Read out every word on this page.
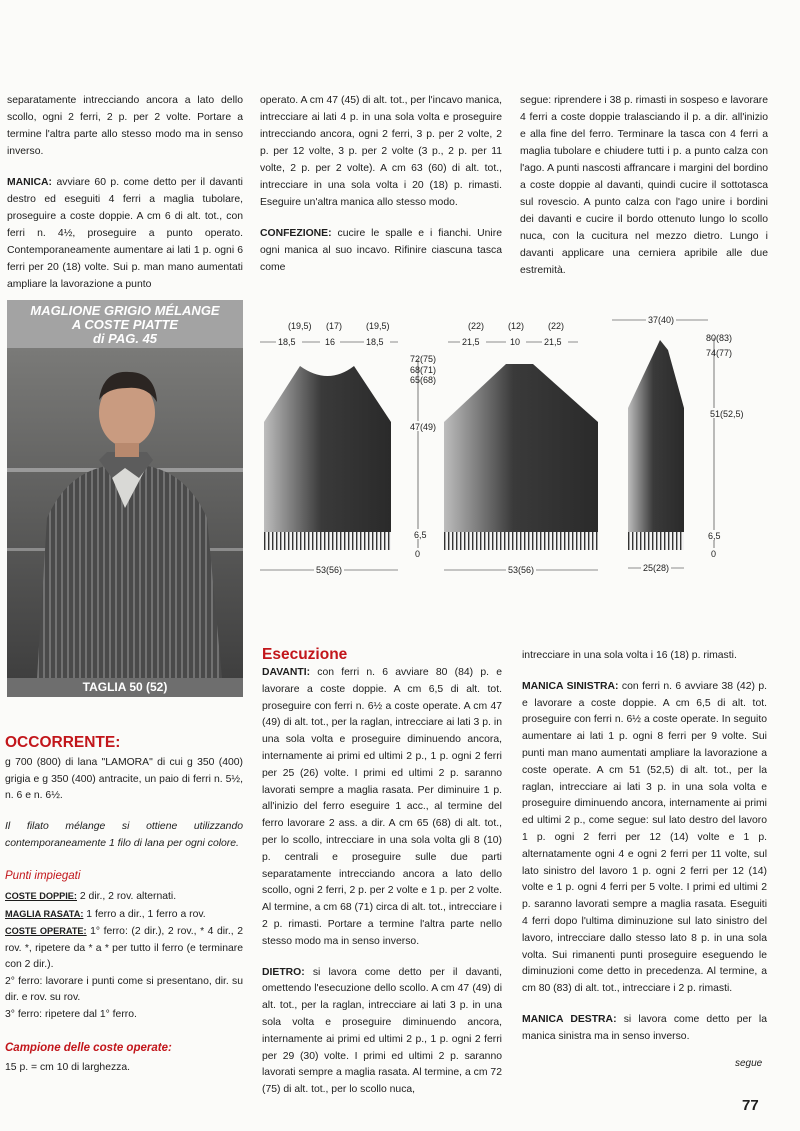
separatamente intrecciando ancora a lato dello scollo, ogni 2 ferri, 2 p. per 2 volte. Portare a termine l'altra parte allo stesso modo ma in senso inverso.

MANICA: avviare 60 p. come detto per il davanti destro ed eseguiti 4 ferri a maglia tubolare, proseguire a coste doppie. A cm 6 di alt. tot., con ferri n. 4½, proseguire a punto operato. Contemporaneamente aumentare ai lati 1 p. ogni 6 ferri per 20 (18) volte. Sui p. man mano aumentati ampliare la lavorazione a punto

operato. A cm 47 (45) di alt. tot., per l'incavo manica, intrecciare ai lati 4 p. in una sola volta e proseguire intrecciando ancora, ogni 2 ferri, 3 p. per 2 volte, 2 p. per 12 volte, 3 p. per 2 volte (3 p., 2 p. per 11 volte, 2 p. per 2 volte). A cm 63 (60) di alt. tot., intrecciare in una sola volta i 20 (18) p. rimasti. Eseguire un'altra manica allo stesso modo.

CONFEZIONE: cucire le spalle e i fianchi. Unire ogni manica al suo incavo. Rifinire ciascuna tasca come

segue: riprendere i 38 p. rimasti in sospeso e lavorare 4 ferri a coste doppie tralasciando il p. a dir. all'inizio e alla fine del ferro. Terminare la tasca con 4 ferri a maglia tubolare e chiudere tutti i p. a punto calza con l'ago. A punti nascosti affrancare i margini del bordino a coste doppie al davanti, quindi cucire il sottotasca sul rovescio. A punto calza con l'ago unire i bordini dei davanti e cucire il bordo ottenuto lungo lo scollo nuca, con la cucitura nel mezzo dietro. Lungo i davanti applicare una cerniera apribile alle due estremità.

MAGLIONE GRIGIO MÉLANGE
A COSTE PIATTE
di PAG. 45
TAGLIA 50 (52)
(19,5) (17)	(19,5)
18,5	16	18,5
72(75)
68(71)
65(68)
47(49)
6,5
0
53(56)
(22)	(12)	(22)
21,5	10	21,5
53(56)
37(40)
80(83)
74(77)
51(52,5)
6,5
0
25(28)
OCCORRENTE:
g 700 (800) di lana "LAMORA" di cui g 350 (400) grigia e g 350 (400) antracite, un paio di ferri n. 5½, n. 6 e n. 6½.
Il filato mélange si ottiene utilizzando contemporaneamente 1 filo di lana per ogni colore.
Punti impiegati
COSTE DOPPIE: 2 dir., 2 rov. alternati.
MAGLIA RASATA: 1 ferro a dir., 1 ferro a rov.
COSTE OPERATE: 1° ferro: (2 dir.), 2 rov., * 4 dir., 2 rov. *, ripetere da * a * per tutto il ferro (e terminare con 2 dir.).
2° ferro: lavorare i punti come si presentano, dir. su dir. e rov. su rov.
3° ferro: ripetere dal 1° ferro.
Campione delle coste operate:
15 p. = cm 10 di larghezza.
Esecuzione

DAVANTI: con ferri n. 6 avviare 80 (84) p. e lavorare a coste doppie. A cm 6,5 di alt. tot. proseguire con ferri n. 6½ a coste operate. A cm 47 (49) di alt. tot., per la raglan, intrecciare ai lati 3 p. in una sola volta e proseguire diminuendo ancora, internamente ai primi ed ultimi 2 p., 1 p. ogni 2 ferri per 25 (26) volte. I primi ed ultimi 2 p. saranno lavorati sempre a maglia rasata. Per diminuire 1 p. all'inizio del ferro eseguire 1 acc., al termine del ferro lavorare 2 ass. a dir. A cm 65 (68) di alt. tot., per lo scollo, intrecciare in una sola volta gli 8 (10) p. centrali e proseguire sulle due parti separatamente intrecciando ancora a lato dello scollo, ogni 2 ferri, 2 p. per 2 volte e 1 p. per 2 volte. Al termine, a cm 68 (71) circa di alt. tot., intrecciare i 2 p. rimasti. Portare a termine l'altra parte nello stesso modo ma in senso inverso.

DIETRO: si lavora come detto per il davanti, omettendo l'esecuzione dello scollo. A cm 47 (49) di alt. tot., per la raglan, intrecciare ai lati 3 p. in una sola volta e proseguire diminuendo ancora, internamente ai primi ed ultimi 2 p., 1 p. ogni 2 ferri per 29 (30) volte. I primi ed ultimi 2 p. saranno lavorati sempre a maglia rasata. Al termine, a cm 72 (75) di alt. tot., per lo scollo nuca,

intrecciare in una sola volta i 16 (18) p. rimasti.

MANICA SINISTRA: con ferri n. 6 avviare 38 (42) p. e lavorare a coste doppie. A cm 6,5 di alt. tot. proseguire con ferri n. 6½ a coste operate. In seguito aumentare ai lati 1 p. ogni 8 ferri per 9 volte. Sui punti man mano aumentati ampliare la lavorazione a coste operate. A cm 51 (52,5) di alt. tot., per la raglan, intrecciare ai lati 3 p. in una sola volta e proseguire diminuendo ancora, internamente ai primi ed ultimi 2 p., come segue: sul lato destro del lavoro 1 p. ogni 2 ferri per 12 (14) volte e 1 p. alternatamente ogni 4 e ogni 2 ferri per 11 volte, sul lato sinistro del lavoro 1 p. ogni 2 ferri per 12 (14) volte e 1 p. ogni 4 ferri per 5 volte. I primi ed ultimi 2 p. saranno lavorati sempre a maglia rasata. Eseguiti 4 ferri dopo l'ultima diminuzione sul lato sinistro del lavoro, intrecciare dallo stesso lato 8 p. in una sola volta. Sui rimanenti punti proseguire eseguendo le diminuzioni come detto in precedenza. Al termine, a cm 80 (83) di alt. tot., intrecciare i 2 p. rimasti.

MANICA DESTRA: si lavora come detto per la manica sinistra ma in senso inverso.

segue
77
